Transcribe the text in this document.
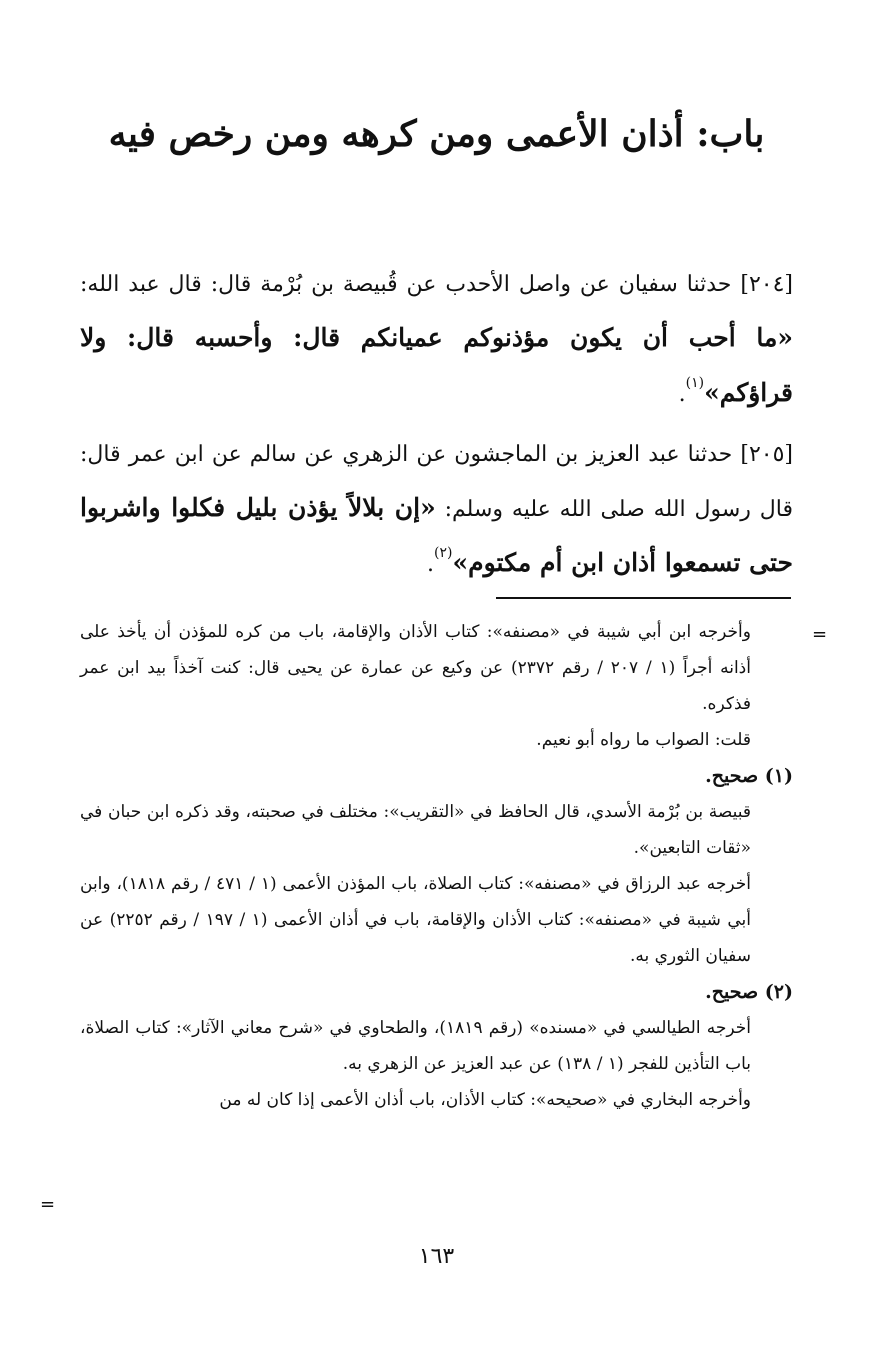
باب: أذان الأعمى ومن كرهه ومن رخص فيه
[٢٠٤] حدثنا سفيان عن واصل الأحدب عن قُبيصة بن بُرْمة قال: قال عبد الله: «ما أحب أن يكون مؤذنوكم عميانكم قال: وأحسبه قال: ولا قراؤكم»$^{(١)}$.
[٢٠٥] حدثنا عبد العزيز بن الماجشون عن الزهري عن سالم عن ابن عمر قال: قال رسول الله صلى الله عليه وسلم: «إن بلالاً يؤذن بليل فكلوا واشربوا حتى تسمعوا أذان ابن أم مكتوم»$^{(٢)}$.
=
=
وأخرجه ابن أبي شيبة في «مصنفه»: كتاب الأذان والإقامة، باب من كره للمؤذن أن يأخذ على أذانه أجراً (١ / ٢٠٧ / رقم ٢٣٧٢) عن وكيع عن عمارة عن يحيى قال: كنت آخذاً بيد ابن عمر فذكره.
قلت: الصواب ما رواه أبو نعيم.
(١) صحيح.
قبيصة بن بُرْمة الأسدي، قال الحافظ في «التقريب»: مختلف في صحبته، وقد ذكره ابن حبان في «ثقات التابعين».
أخرجه عبد الرزاق في «مصنفه»: كتاب الصلاة، باب المؤذن الأعمى (١ / ٤٧١ / رقم ١٨١٨)، وابن أبي شيبة في «مصنفه»: كتاب الأذان والإقامة، باب في أذان الأعمى (١ / ١٩٧ / رقم ٢٢٥٢) عن سفيان الثوري به.
(٢) صحيح.
أخرجه الطيالسي في «مسنده» (رقم ١٨١٩)، والطحاوي في «شرح معاني الآثار»: كتاب الصلاة، باب التأذين للفجر (١ / ١٣٨) عن عبد العزيز عن الزهري به.
وأخرجه البخاري في «صحيحه»: كتاب الأذان، باب أذان الأعمى إذا كان له من
١٦٣
